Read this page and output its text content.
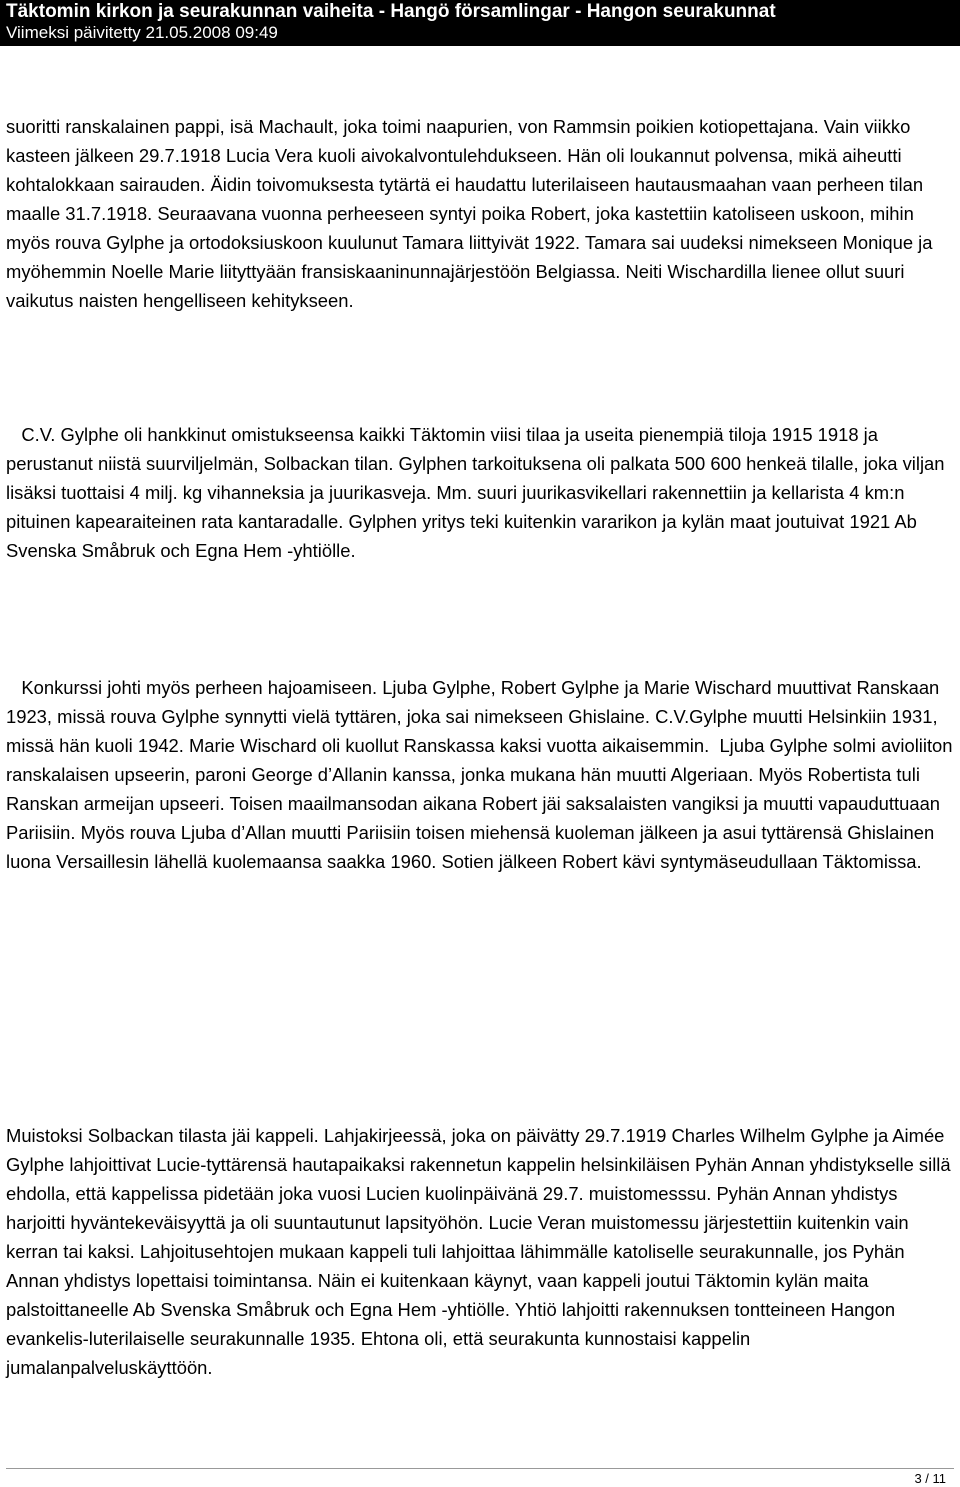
Täktomin kirkon ja seurakunnan vaiheita - Hangö församlingar - Hangon seurakunnat
Viimeksi päivitetty 21.05.2008 09:49

suoritti ranskalainen pappi, isä Machault, joka toimi naapurien, von Rammsin poikien kotiopettajana. Vain viikko kasteen jälkeen 29.7.1918 Lucia Vera kuoli aivokalvontulehdukseen. Hän oli loukannut polvensa, mikä aiheutti kohtalokkaan sairauden. Äidin toivomuksesta tytärtä ei haudattu luterilaiseen hautausmaahan vaan perheen tilan maalle 31.7.1918. Seuraavana vuonna perheeseen syntyi poika Robert, joka kastettiin katoliseen uskoon, mihin myös rouva Gylphe ja ortodoksiuskoon kuulunut Tamara liittyivät 1922. Tamara sai uudeksi nimekseen Monique ja myöhemmin Noelle Marie liityttyään fransiskaaninunnajärjestöön Belgiassa. Neiti Wischardilla lienee ollut suuri vaikutus naisten hengelliseen kehitykseen.

C.V. Gylphe oli hankkinut omistukseensa kaikki Täktomin viisi tilaa ja useita pienempiä tiloja 1915 1918 ja perustanut niistä suurviljelmän, Solbackan tilan. Gylphen tarkoituksena oli palkata 500 600 henkeä tilalle, joka viljan lisäksi tuottaisi 4 milj. kg vihanneksia ja juurikasveja. Mm. suuri juurikasvikellari rakennettiin ja kellarista 4 km:n pituinen kapearaiteinen rata kantaradalle. Gylphen yritys teki kuitenkin vararikon ja kylän maat joutuivat 1921 Ab Svenska Småbruk och Egna Hem -yhtiölle.

Konkurssi johti myös perheen hajoamiseen. Ljuba Gylphe, Robert Gylphe ja Marie Wischard muuttivat Ranskaan 1923, missä rouva Gylphe synnytti vielä tyttären, joka sai nimekseen Ghislaine. C.V.Gylphe muutti Helsinkiin 1931, missä hän kuoli 1942. Marie Wischard oli kuollut Ranskassa kaksi vuotta aikaisemmin.  Ljuba Gylphe solmi avioliiton ranskalaisen upseerin, paroni George d’Allanin kanssa, jonka mukana hän muutti Algeriaan. Myös Robertista tuli Ranskan armeijan upseeri. Toisen maailmansodan aikana Robert jäi saksalaisten vangiksi ja muutti vapauduttuaan Pariisiin. Myös rouva Ljuba d’Allan muutti Pariisiin toisen miehensä kuoleman jälkeen ja asui tyttärensä Ghislainen luona Versaillesin lähellä kuolemaansa saakka 1960. Sotien jälkeen Robert kävi syntymäseudullaan Täktomissa.

Muistoksi Solbackan tilasta jäi kappeli. Lahjakirjeessä, joka on päivätty 29.7.1919 Charles Wilhelm Gylphe ja Aimée Gylphe lahjoittivat Lucie-tyttärensä hautapaikaksi rakennetun kappelin helsinkiläisen Pyhän Annan yhdistykselle sillä ehdolla, että kappelissa pidetään joka vuosi Lucien kuolinpäivänä 29.7. muistomesssu. Pyhän Annan yhdistys harjoitti hyväntekeväisyyttä ja oli suuntautunut lapsityöhön. Lucie Veran muistomessu järjestettiin kuitenkin vain kerran tai kaksi. Lahjoitusehtojen mukaan kappeli tuli lahjoittaa lähimmälle katoliselle seurakunnalle, jos Pyhän Annan yhdistys lopettaisi toimintansa. Näin ei kuitenkaan käynyt, vaan kappeli joutui Täktomin kylän maita palstoittaneelle Ab Svenska Småbruk och Egna Hem -yhtiölle. Yhtiö lahjoitti rakennuksen tontteineen Hangon evankelis-luterilaiselle seurakunnalle 1935. Ehtona oli, että seurakunta kunnostaisi kappelin jumalanpalveluskäyttöön.

3 / 11
